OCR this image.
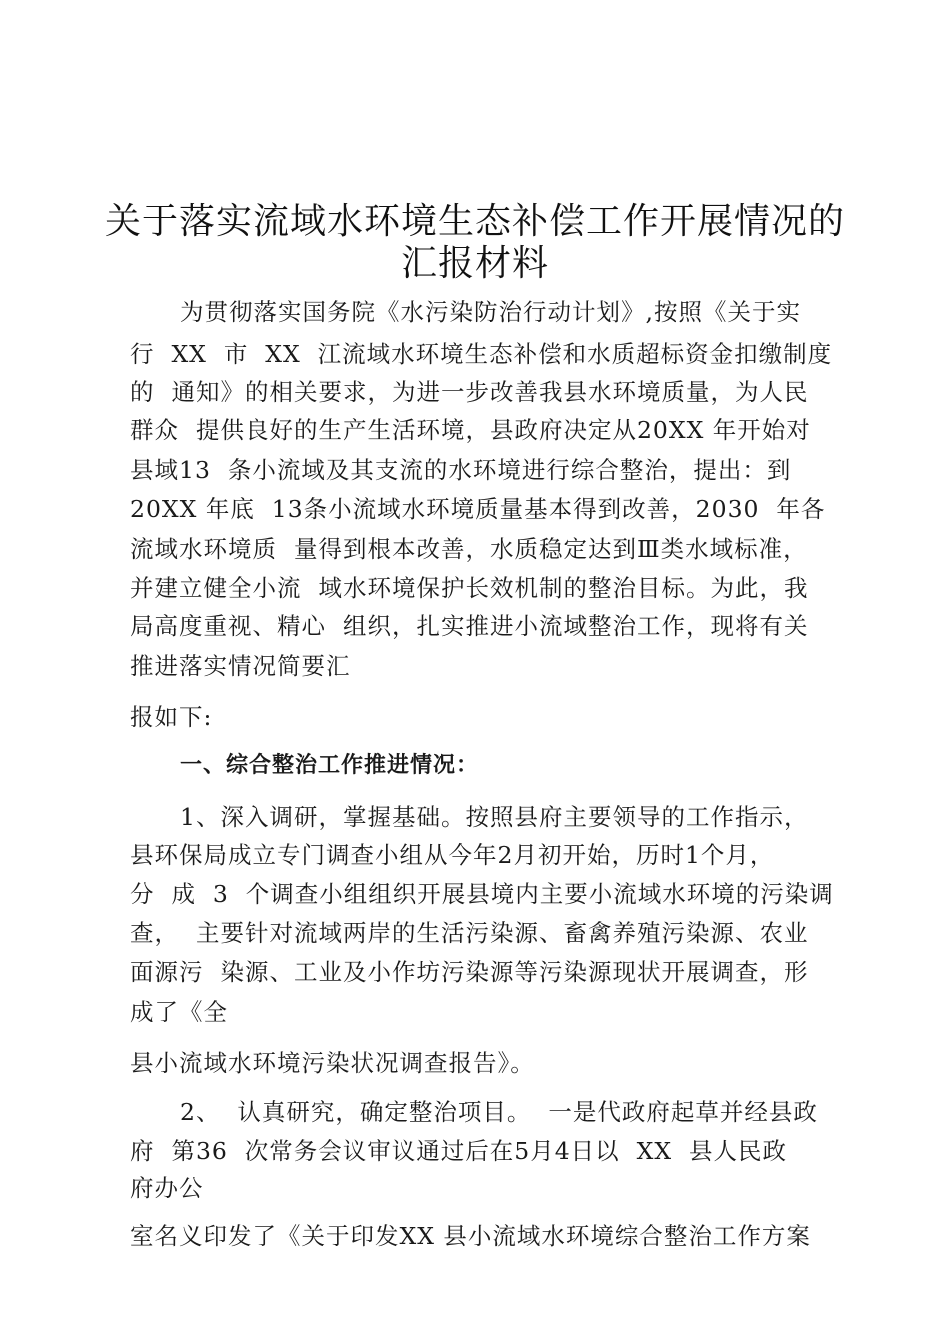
关于落实流域水环境生态补偿工作开展情况的
汇报材料
为贯彻落实国务院《水污染防治行动计划》,按照《关于实
行  XX  市  XX  江流域水环境生态补偿和水质超标资金扣缴制度
的  通知》的相关要求，为进一步改善我县水环境质量，为人民
群众  提供良好的生产生活环境，县政府决定从20XX 年开始对
县域13  条小流域及其支流的水环境进行综合整治，提出：到
20XX 年底  13条小流域水环境质量基本得到改善，2030  年各
流域水环境质  量得到根本改善，水质稳定达到Ⅲ类水域标准，
并建立健全小流  域水环境保护长效机制的整治目标。为此，我
局高度重视、精心  组织，扎实推进小流域整治工作，现将有关
推进落实情况简要汇
报如下:
一、综合整治工作推进情况：
1、深入调研，掌握基础。按照县府主要领导的工作指示，
县环保局成立专门调查小组从今年2月初开始，历时1个月，
分  成  3  个调查小组组织开展县境内主要小流域水环境的污染调
查，  主要针对流域两岸的生活污染源、畜禽养殖污染源、农业
面源污  染源、工业及小作坊污染源等污染源现状开展调查，形
成了《全
县小流域水环境污染状况调查报告》。
2、  认真研究，确定整治项目。  一是代政府起草并经县政
府  第36  次常务会议审议通过后在5月4日以  XX  县人民政
府办公
室名义印发了《关于印发XX 县小流域水环境综合整治工作方案
